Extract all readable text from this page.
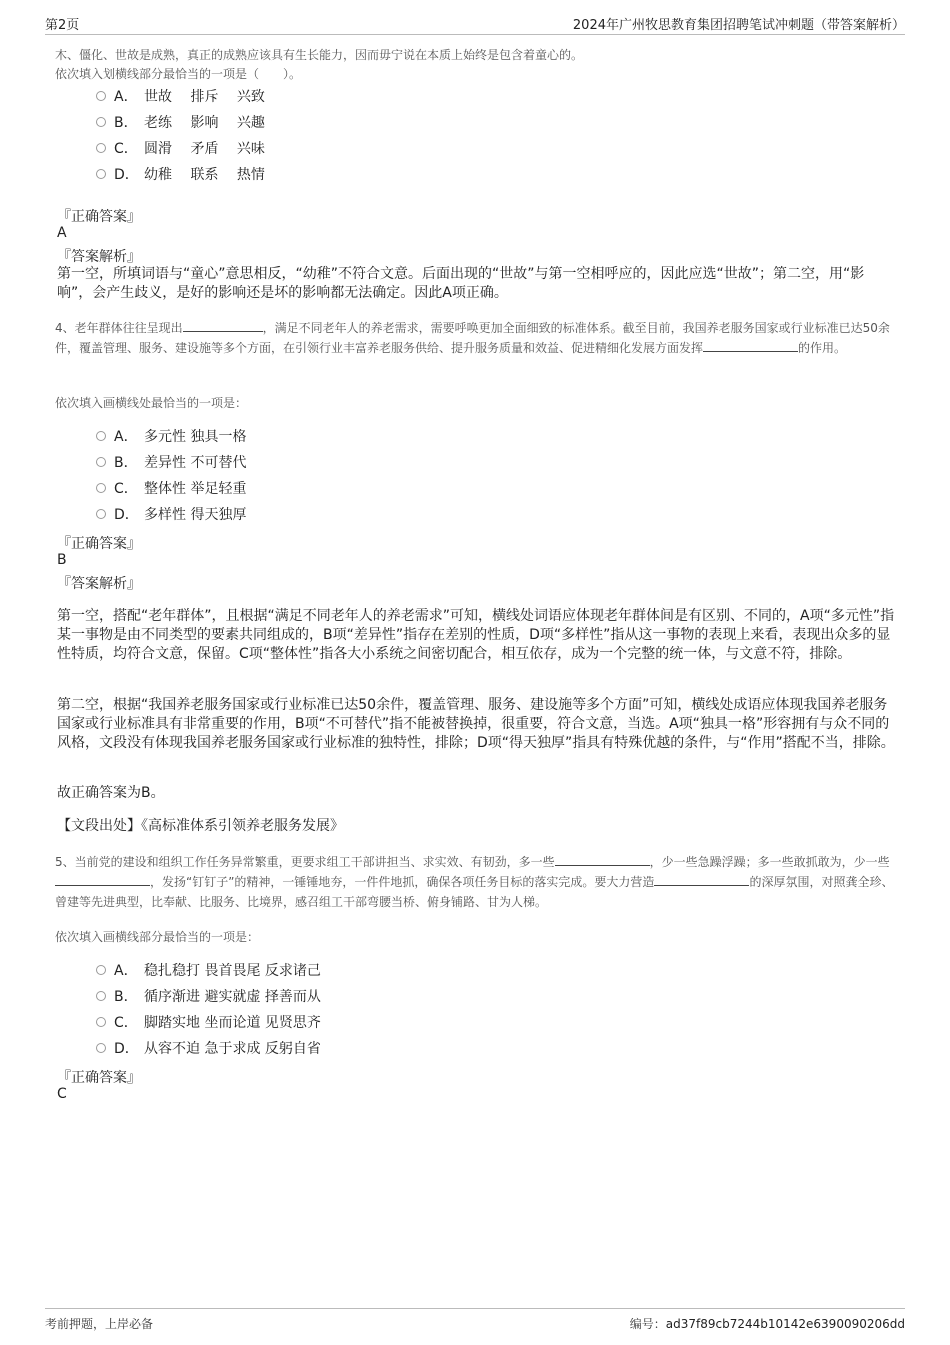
第2页	2024年广州牧思教育集团招聘笔试冲刺题（带答案解析）
木、僵化、世故是成熟，真正的成熟应该具有生长能力，因而毋宁说在本质上始终是包含着童心的。
依次填入划横线部分最恰当的一项是（　　）。
A． 世故　 排斥　 兴致
B． 老练　 影响　 兴趣
C． 圆滑　 矛盾　 兴味
D． 幼稚　 联系　 热情
『正确答案』
A
『答案解析』
第一空，所填词语与“童心”意思相反，“幼稚”不符合文意。后面出现的“世故”与第一空相呼应的，因此应选“世故”；第二空，用“影响”，会产生歧义，是好的影响还是坏的影响都无法确定。因此A项正确。
4、老年群体往往呈现出	，满足不同老年人的养老需求，需要呼唤更加全面细致的标准体系。截至目前，我国养老服务国家或行业标准已达50余件，覆盖管理、服务、建设施等多个方面，在引领行业丰富养老服务供给、提升服务质量和效益、促进精细化发展方面发挥	的作用。
依次填入画横线处最恰当的一项是：
A． 多元性 独具一格
B． 差异性 不可替代
C． 整体性 举足轻重
D． 多样性 得天独厚
『正确答案』
B
『答案解析』
第一空，搭配“老年群体”，且根据“满足不同老年人的养老需求”可知，横线处词语应体现老年群体间是有区别、不同的，A项“多元性”指某一事物是由不同类型的要素共同组成的，B项“差异性”指存在差别的性质，D项“多样性”指从这一事物的表现上来看，表现出众多的显性特质，均符合文意，保留。C项“整体性”指各大小系统之间密切配合，相互依存，成为一个完整的统一体，与文意不符，排除。
第二空，根据“我国养老服务国家或行业标准已达50余件，覆盖管理、服务、建设施等多个方面”可知，横线处成语应体现我国养老服务国家或行业标准具有非常重要的作用，B项“不可替代”指不能被替换掉，很重要，符合文意，当选。A项“独具一格”形容拥有与众不同的风格，文段没有体现我国养老服务国家或行业标准的独特性，排除；D项“得天独厚”指具有特殊优越的条件，与“作用”搭配不当，排除。
故正确答案为B。
【文段出处】《高标准体系引领养老服务发展》
5、当前党的建设和组织工作任务异常繁重，更要求组工干部讲担当、求实效、有韧劲，多一些	，少一些急躁浮躁；多一些敢抓敢为，少一些，发扬“钉钉子”的精神，一锤锤地夯，一件件地抓，确保各项任务目标的落实完成。要大力营造	的深厚氛围，对照龚全珍、曾建等先进典型，比奉献、比服务、比境界，感召组工干部弯腰当桥、俯身铺路、甘为人梯。
依次填入画横线部分最恰当的一项是：
A． 稳扎稳打 畏首畏尾 反求诸己
B． 循序渐进 避实就虚 择善而从
C． 脚踏实地 坐而论道 见贤思齐
D． 从容不迫 急于求成 反躬自省
『正确答案』
C
考前押题，上岸必备	编号：ad37f89cb7244b10142e6390090206dd
